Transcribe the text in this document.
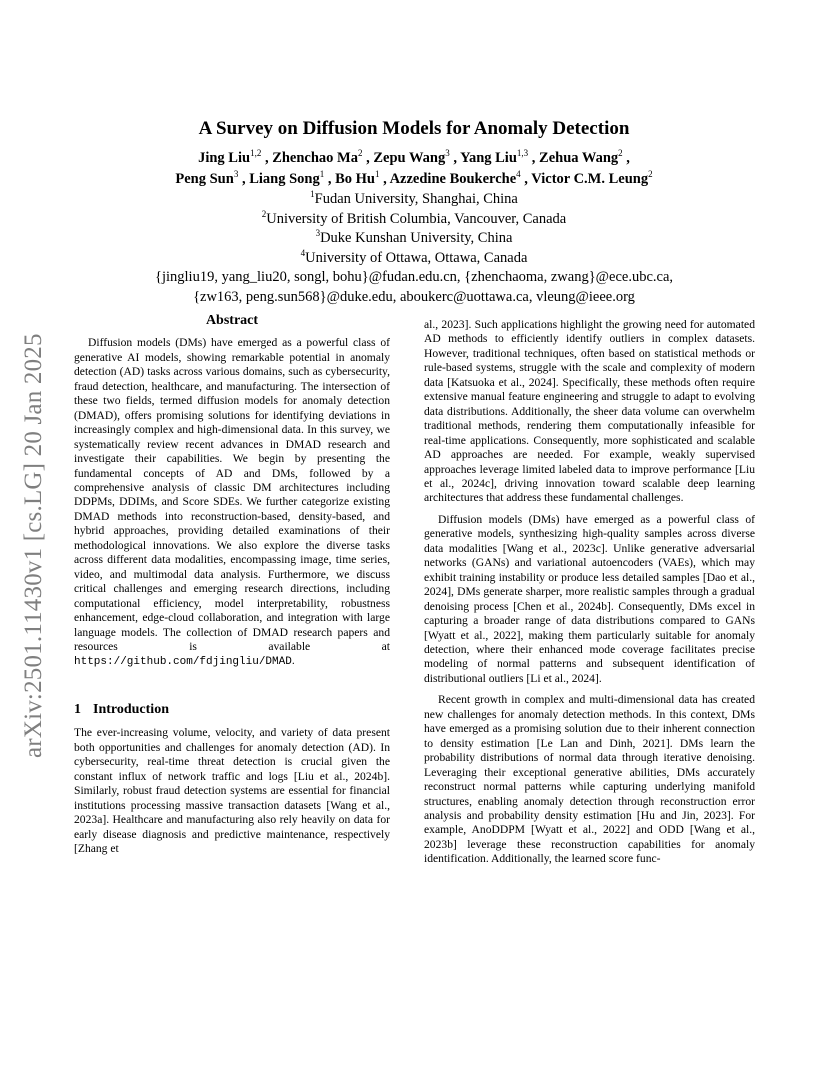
arXiv:2501.11430v1 [cs.LG] 20 Jan 2025
A Survey on Diffusion Models for Anomaly Detection
Jing Liu$^{1,2}$ , Zhenchao Ma$^2$ , Zepu Wang$^3$ , Yang Liu$^{1,3}$ , Zehua Wang$^2$ ,
Peng Sun$^3$ , Liang Song$^1$ , Bo Hu$^1$ , Azzedine Boukerche$^4$ , Victor C.M. Leung$^2$
$^1$Fudan University, Shanghai, China
$^2$University of British Columbia, Vancouver, Canada
$^3$Duke Kunshan University, China
$^4$University of Ottawa, Ottawa, Canada
{jingliu19, yang_liu20, songl, bohu}@fudan.edu.cn, {zhenchaoma, zwang}@ece.ubc.ca,
{zw163, peng.sun568}@duke.edu, aboukerc@uottawa.ca, vleung@ieee.org
Abstract

Diffusion models (DMs) have emerged as a powerful class of generative AI models, showing remarkable potential in anomaly detection (AD) tasks across various domains, such as cybersecurity, fraud detection, healthcare, and manufacturing. The intersection of these two fields, termed diffusion models for anomaly detection (DMAD), offers promising solutions for identifying deviations in increasingly complex and high-dimensional data. In this survey, we systematically review recent advances in DMAD research and investigate their capabilities. We begin by presenting the fundamental concepts of AD and DMs, followed by a comprehensive analysis of classic DM architectures including DDPMs, DDIMs, and Score SDEs. We further categorize existing DMAD methods into reconstruction-based, density-based, and hybrid approaches, providing detailed examinations of their methodological innovations. We also explore the diverse tasks across different data modalities, encompassing image, time series, video, and multimodal data analysis. Furthermore, we discuss critical challenges and emerging research directions, including computational efficiency, model interpretability, robustness enhancement, edge-cloud collaboration, and integration with large language models. The collection of DMAD research papers and resources is available at https://github.com/fdjingliu/DMAD.

1 Introduction

The ever-increasing volume, velocity, and variety of data present both opportunities and challenges for anomaly detection (AD). In cybersecurity, real-time threat detection is crucial given the constant influx of network traffic and logs [Liu et al., 2024b]. Similarly, robust fraud detection systems are essential for financial institutions processing massive transaction datasets [Wang et al., 2023a]. Healthcare and manufacturing also rely heavily on data for early disease diagnosis and predictive maintenance, respectively [Zhang et

al., 2023]. Such applications highlight the growing need for automated AD methods to efficiently identify outliers in complex datasets. However, traditional techniques, often based on statistical methods or rule-based systems, struggle with the scale and complexity of modern data [Katsuoka et al., 2024]. Specifically, these methods often require extensive manual feature engineering and struggle to adapt to evolving data distributions. Additionally, the sheer data volume can overwhelm traditional methods, rendering them computationally infeasible for real-time applications. Consequently, more sophisticated and scalable AD approaches are needed. For example, weakly supervised approaches leverage limited labeled data to improve performance [Liu et al., 2024c], driving innovation toward scalable deep learning architectures that address these fundamental challenges.

Diffusion models (DMs) have emerged as a powerful class of generative models, synthesizing high-quality samples across diverse data modalities [Wang et al., 2023c]. Unlike generative adversarial networks (GANs) and variational autoencoders (VAEs), which may exhibit training instability or produce less detailed samples [Dao et al., 2024], DMs generate sharper, more realistic samples through a gradual denoising process [Chen et al., 2024b]. Consequently, DMs excel in capturing a broader range of data distributions compared to GANs [Wyatt et al., 2022], making them particularly suitable for anomaly detection, where their enhanced mode coverage facilitates precise modeling of normal patterns and subsequent identification of distributional outliers [Li et al., 2024].

Recent growth in complex and multi-dimensional data has created new challenges for anomaly detection methods. In this context, DMs have emerged as a promising solution due to their inherent connection to density estimation [Le Lan and Dinh, 2021]. DMs learn the probability distributions of normal data through iterative denoising. Leveraging their exceptional generative abilities, DMs accurately reconstruct normal patterns while capturing underlying manifold structures, enabling anomaly detection through reconstruction error analysis and probability density estimation [Hu and Jin, 2023]. For example, AnoDDPM [Wyatt et al., 2022] and ODD [Wang et al., 2023b] leverage these reconstruction capabilities for anomaly identification. Additionally, the learned score func-
